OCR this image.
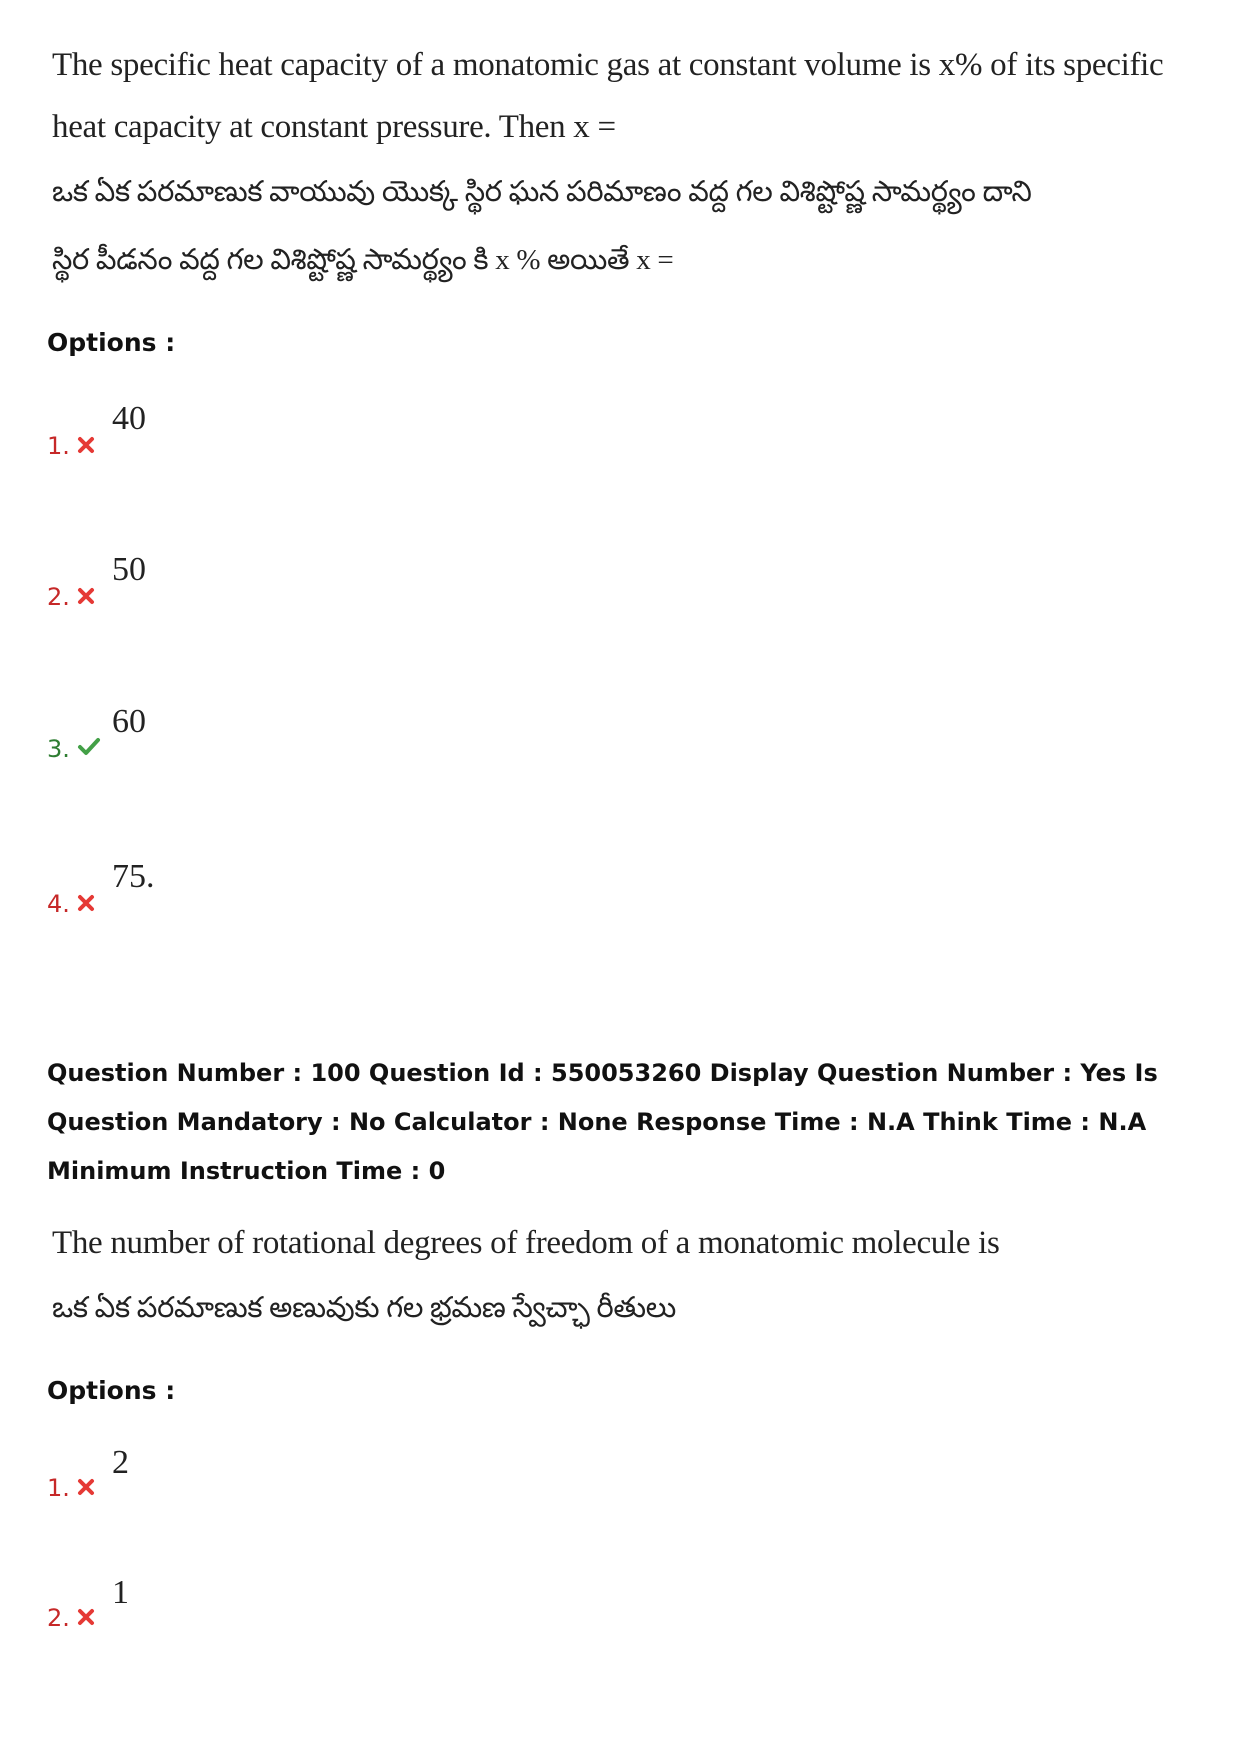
The specific heat capacity of a monatomic gas at constant volume is x% of its specific
heat capacity at constant pressure. Then x =
ఒక ఏక పరమాణుక వాయువు యొక్క స్థిర ఘన పరిమాణం వద్ద గల విశిష్టోష్ణ సామర్థ్యం దాని
స్థిర పీడనం వద్ద గల విశిష్టోష్ణ సామర్థ్యం కి x % అయితే x =
Options :
1.
40
2.
50
3.
60
4.
75.
Question Number : 100 Question Id : 550053260 Display Question Number : Yes Is Question Mandatory : No Calculator : None Response Time : N.A Think Time : N.A Minimum Instruction Time : 0
The number of rotational degrees of freedom of a monatomic molecule is
ఒక ఏక పరమాణుక అణువుకు గల భ్రమణ స్వేచ్ఛా రీతులు
Options :
1.
2
2.
1
